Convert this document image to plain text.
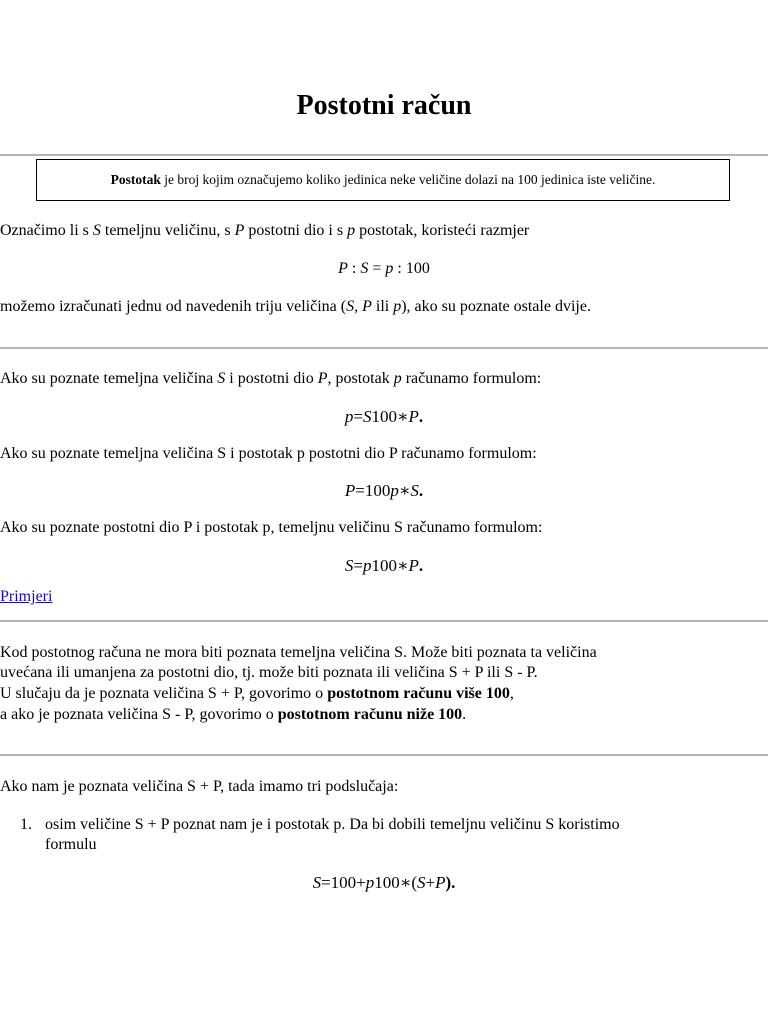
Postotni račun
Postotak je broj kojim označujemo koliko jedinica neke veličine dolazi na 100 jedinica iste veličine.

Označimo li s S temeljnu veličinu, s P postotni dio i s p postotak, koristeći razmjer

P : S = p : 100

možemo izračunati jednu od navedenih triju veličina (S, P ili p), ako su poznate ostale dvije.

Ako su poznate temeljna veličina S i postotni dio P, postotak p računamo formulom:

p=S100∗P.

Ako su poznate temeljna veličina S i postotak p postotni dio P računamo formulom:

P=100p∗S.

Ako su poznate postotni dio P i postotak p, temeljnu veličinu S računamo formulom:

S=p100∗P.

Primjeri

Kod postotnog računa ne mora biti poznata temeljna veličina S. Može biti poznata ta veličina

uvećana ili umanjena za postotni dio, tj. može biti poznata ili veličina S + P ili S - P.

U slučaju da je poznata veličina S + P, govorimo o postotnom računu više 100,

a ako je poznata veličina S - P, govorimo o postotnom računu niže 100.

Ako nam je poznata veličina S + P, tada imamo tri podslučaja:

1. osim veličine S + P poznat nam je i postotak p. Da bi dobili temeljnu veličinu S koristimo
formulu
S=100+p100∗(S+P).
